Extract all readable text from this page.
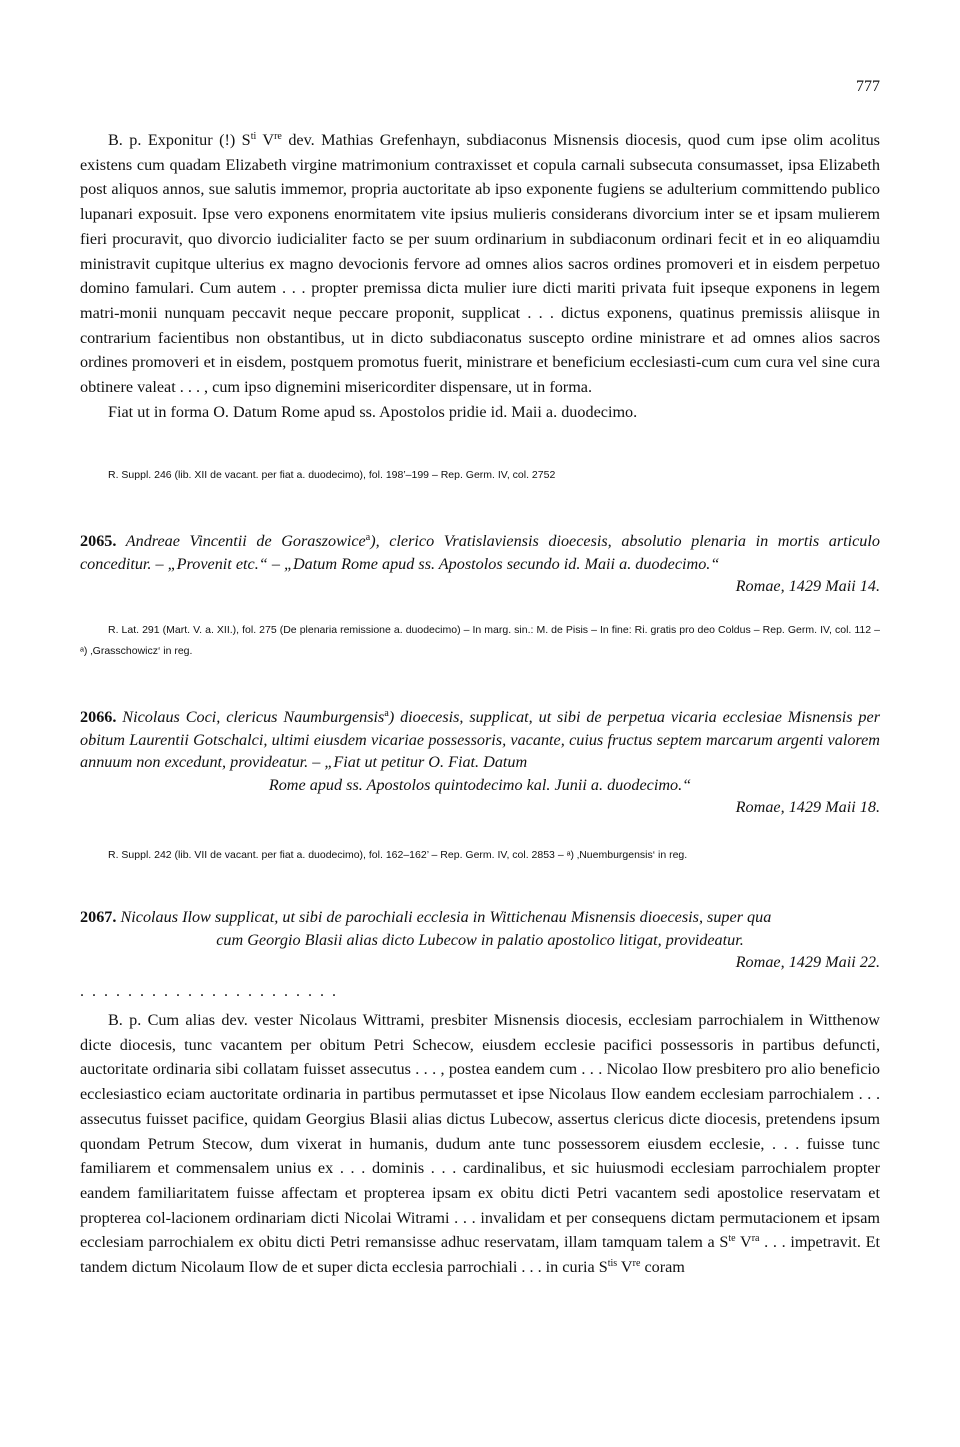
777

B. p. Exponitur (!) $S^{ti}$ Vre dev. Mathias Grefenhayn, subdiaconus Misnensis diocesis, quod cum ipse olim acolitus existens cum quadam Elizabeth virgine matrimonium contraxisset et copula carnali subsecuta consumasset, ipsa Elizabeth post aliquos annos, sue salutis immemor, propria auctoritate ab ipso exponente fugiens se adulterium committendo publico lupanari exposuit. Ipse vero exponens enormitatem vite ipsius mulieris considerans divorcium inter se et ipsam mulierem fieri procuravit, quo divorcio iudicialiter facto se per suum ordinarium in subdiaconum ordinari fecit et in eo aliquamdiu ministravit cupitque ulterius ex magno devocionis fervore ad omnes alios sacros ordines promoveri et in eisdem perpetuo domino famulari. Cum autem . . . propter premissa dicta mulier iure dicti mariti privata fuit ipseque exponens in legem matri-monii nunquam peccavit neque peccare proponit, supplicat . . . dictus exponens, quatinus premissis aliisque in contrarium facientibus non obstantibus, ut in dicto subdiaconatus suscepto ordine ministrare et ad omnes alios sacros ordines promoveri et in eisdem, postquem promotus fuerit, ministrare et beneficium ecclesiasti-cum cum cura vel sine cura obtinere valeat . . . , cum ipso dignemini misericorditer dispensare, ut in forma.

Fiat ut in forma O. Datum Rome apud ss. Apostolos pridie id. Maii a. duodecimo.

R. Suppl. 246 (lib. XII de vacant. per fiat a. duodecimo), fol. 198’–199 – Rep. Germ. IV, col. 2752

2065. Andreae Vincentii de Goraszowice$^a$), clerico Vratislaviensis dioecesis, absolutio plenaria in mortis articulo conceditur. – „Provenit etc.“ – „Datum Rome apud ss. Apostolos secundo id. Maii a. duodecimo.“

Romae, 1429 Maii 14.

R. Lat. 291 (Mart. V. a. XII.), fol. 275 (De plenaria remissione a. duodecimo) – In marg. sin.: M. de Pisis – In fine: Ri. gratis pro deo Coldus – Rep. Germ. IV, col. 112 – ᵃ) ‚Grasschowicz‘ in reg.

2066. Nicolaus Coci, clericus Naumburgensis$^a$) dioecesis, supplicat, ut sibi de perpetua vicaria ecclesiae Misnensis per obitum Laurentii Gotschalci, ultimi eiusdem vicariae possessoris, vacante, cuius fructus septem marcarum argenti valorem annuum non excedunt, provideatur. – „Fiat ut petitur O. Fiat. Datum
Rome apud ss. Apostolos quintodecimo kal. Junii a. duodecimo.“

Romae, 1429 Maii 18.

R. Suppl. 242 (lib. VII de vacant. per fiat a. duodecimo), fol. 162–162’ – Rep. Germ. IV, col. 2853 – ᵃ) ‚Nuemburgensis‘ in reg.

2067. Nicolaus Ilow supplicat, ut sibi de parochiali ecclesia in Wittichenau Misnensis dioecesis, super qua
cum Georgio Blasii alias dicto Lubecow in palatio apostolico litigat, provideatur.

Romae, 1429 Maii 22.

. . . . . . . . . . . . . . . . . . . . . .

B. p. Cum alias dev. vester Nicolaus Wittrami, presbiter Misnensis diocesis, ecclesiam parrochialem in Witthenow dicte diocesis, tunc vacantem per obitum Petri Schecow, eiusdem ecclesie pacifici possessoris in partibus defuncti, auctoritate ordinaria sibi collatam fuisset assecutus . . . , postea eandem cum . . . Nicolao Ilow presbitero pro alio beneficio ecclesiastico eciam auctoritate ordinaria in partibus permutasset et ipse Nicolaus Ilow eandem ecclesiam parrochialem . . . assecutus fuisset pacifice, quidam Georgius Blasii alias dictus Lubecow, assertus clericus dicte diocesis, pretendens ipsum quondam Petrum Stecow, dum vixerat in humanis, dudum ante tunc possessorem eiusdem ecclesie, . . . fuisse tunc familiarem et commensalem unius ex . . . dominis . . . cardinalibus, et sic huiusmodi ecclesiam parrochialem propter eandem familiaritatem fuisse affectam et propterea ipsam ex obitu dicti Petri vacantem sedi apostolice reservatam et propterea col-lacionem ordinariam dicti Nicolai Witrami . . . invalidam et per consequens dictam permutacionem et ipsam ecclesiam parrochialem ex obitu dicti Petri remansisse adhuc reservatam, illam tamquam talem a $S^{te}$ $V^{ra}$ . . . impetravit. Et tandem dictum Nicolaum Ilow de et super dicta ecclesia parrochiali . . . in curia $S^{tis}$ Vre coram
